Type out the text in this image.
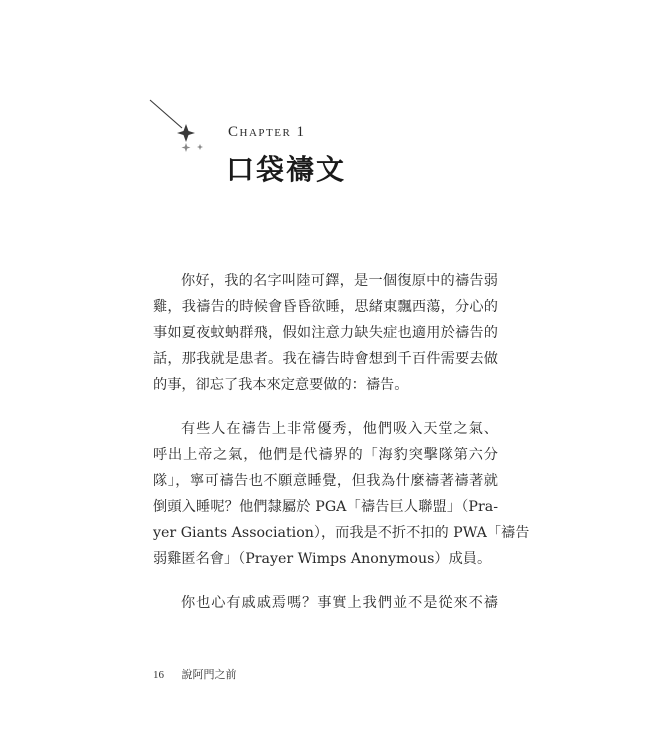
Chapter 1
口袋禱文
你好，我的名字叫陸可鐸，是一個復原中的禱告弱
雞，我禱告的時候會昏昏欲睡，思緒東飄西蕩，分心的
事如夏夜蚊蚋群飛，假如注意力缺失症也適用於禱告的
話，那我就是患者。我在禱告時會想到千百件需要去做
的事，卻忘了我本來定意要做的：禱告。
有些人在禱告上非常優秀，他們吸入天堂之氣、
呼出上帝之氣，他們是代禱界的「海豹突擊隊第六分
隊」，寧可禱告也不願意睡覺，但我為什麼禱著禱著就
倒頭入睡呢？他們隸屬於 PGA「禱告巨人聯盟」（Pra-
yer Giants Association），而我是不折不扣的 PWA「禱告
弱雞匿名會」（Prayer Wimps Anonymous）成員。
你也心有戚戚焉嗎？事實上我們並不是從來不禱
16 說阿門之前
